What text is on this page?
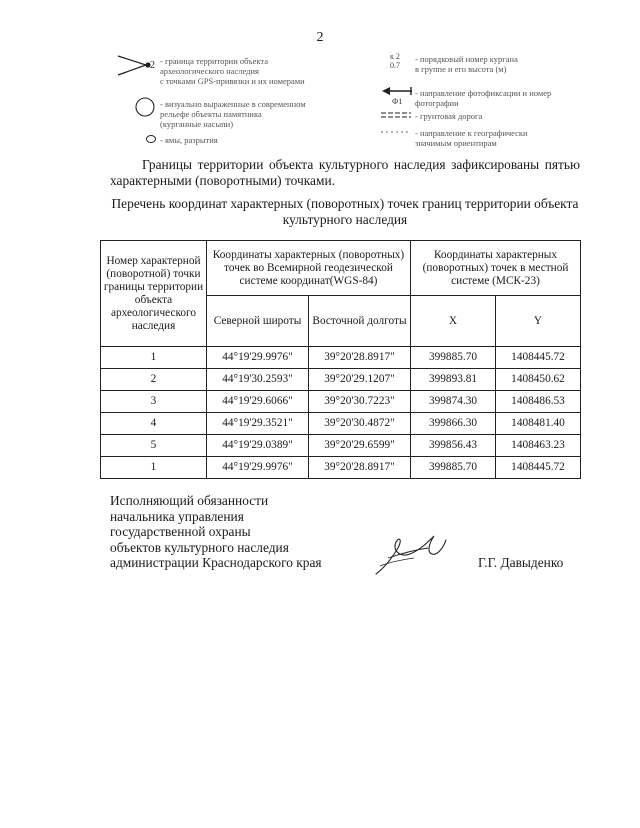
2
2 - граница территории объекта
археологического наследия
с точками GPS-привязки и их номерами
- визуально выраженные в современном
рельефе объекты памятника
(курганные насыпи)
- ямы, разрытия
к 2
0.7
- порядковый номер кургана
в группе и его высота (м)
Ф1
- направление фотофиксации и номер
фотографии
- грунтовая дорога
- направление к географически
значимым ориентирам
Границы территории объекта культурного наследия зафиксированы пятью характерными (поворотными) точками.
Перечень координат характерных (поворотных) точек границ территории объекта культурного наследия
Номер характерной (поворотной) точки границы территории объекта археологического наследия	Координаты характерных (поворотных) точек во Всемирной геодезической системе координат(WGS-84)		Координаты характерных (поворотных) точек в местной системе (МСК-23)	
	Северной широты	Восточной долготы	X	Y
1	44°19'29.9976"	39°20'28.8917"	399885.70	1408445.72
2	44°19'30.2593"	39°20'29.1207"	399893.81	1408450.62
3	44°19'29.6066"	39°20'30.7223"	399874.30	1408486.53
4	44°19'29.3521"	39°20'30.4872"	399866.30	1408481.40
5	44°19'29.0389"	39°20'29.6599"	399856.43	1408463.23
1	44°19'29.9976"	39°20'28.8917"	399885.70	1408445.72
Исполняющий обязанности
начальника управления
государственной охраны
объектов культурного наследия
администрации Краснодарского края	Г.Г. Давыденко
